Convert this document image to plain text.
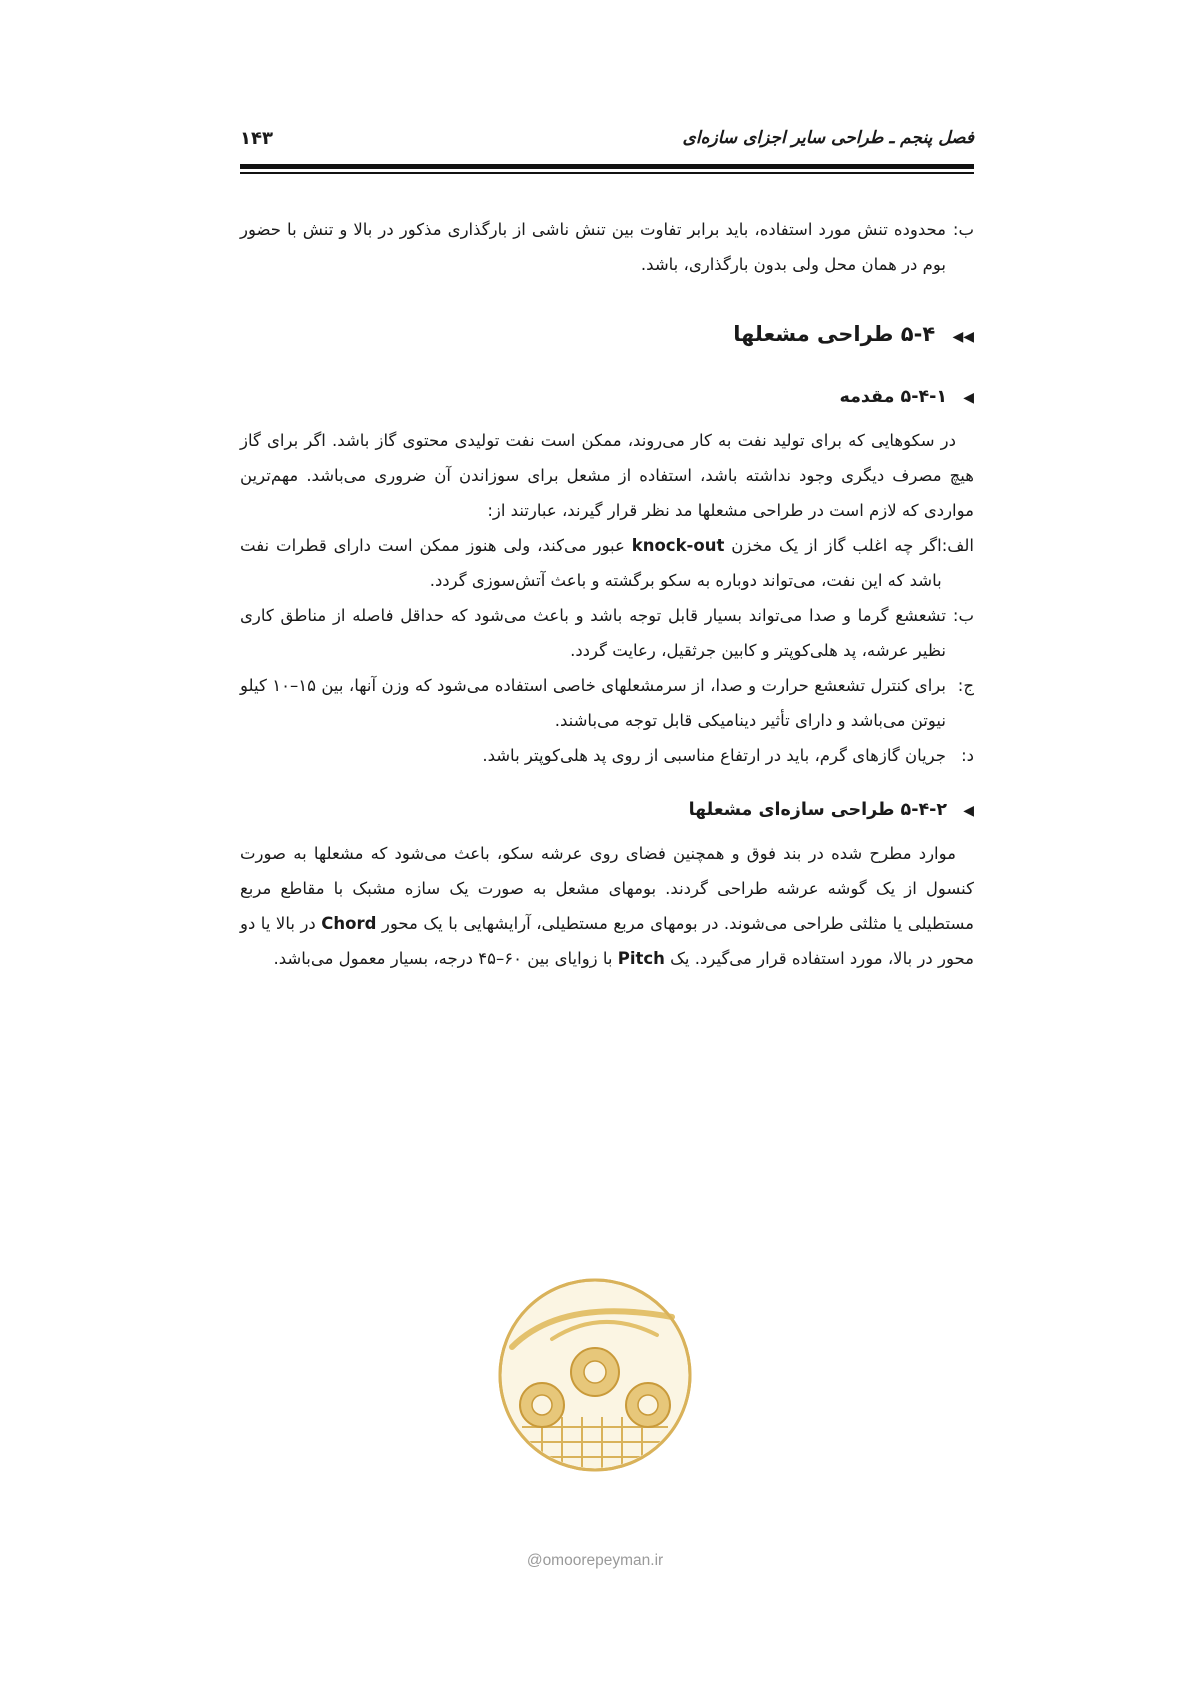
فصل پنجم ـ طراحی سایر اجزای سازه‌ای
۱۴۳
ب:
محدوده تنش مورد استفاده، باید برابر تفاوت بین تنش ناشی از بارگذاری مذکور در بالا و تنش با حضور بوم در همان محل ولی بدون بارگذاری، باشد.
◀◀ ۵-۴ طراحی مشعلها
◀ ۵-۴-۱ مقدمه

در سکوهایی که برای تولید نفت به کار می‌روند، ممکن است نفت تولیدی محتوی گاز باشد. اگر برای گاز هیچ مصرف دیگری وجود نداشته باشد، استفاده از مشعل برای سوزاندن آن ضروری می‌باشد. مهم‌ترین مواردی که لازم است در طراحی مشعلها مد نظر قرار گیرند، عبارتند از:

الف:
اگر چه اغلب گاز از یک مخزن knock-out عبور می‌کند، ولی هنوز ممکن است دارای قطرات نفت باشد که این نفت، می‌تواند دوباره به سکو برگشته و باعث آتش‌سوزی گردد.
ب:
تشعشع گرما و صدا می‌تواند بسیار قابل توجه باشد و باعث می‌شود که حداقل فاصله از مناطق کاری نظیر عرشه، پد هلی‌کوپتر و کابین جرثقیل، رعایت گردد.
ج:
برای کنترل تشعشع حرارت و صدا، از سرمشعلهای خاصی استفاده می‌شود که وزن آنها، بین ۱۵–۱۰ کیلو نیوتن می‌باشد و دارای تأثیر دینامیکی قابل توجه می‌باشند.
د:
جریان گازهای گرم، باید در ارتفاع مناسبی از روی پد هلی‌کوپتر باشد.
◀ ۵-۴-۲ طراحی سازه‌ای مشعلها

موارد مطرح شده در بند فوق و همچنین فضای روی عرشه سکو، باعث می‌شود که مشعلها به صورت کنسول از یک گوشه عرشه طراحی گردند. بومهای مشعل به صورت یک سازه مشبک با مقاطع مربع مستطیلی یا مثلثی طراحی می‌شوند. در بومهای مربع مستطیلی، آرایشهایی با یک محور Chord در بالا یا دو محور در بالا، مورد استفاده قرار می‌گیرد. یک Pitch با زوایای بین ۶۰–۴۵ درجه، بسیار معمول می‌باشد.

@omoorepeyman.ir
